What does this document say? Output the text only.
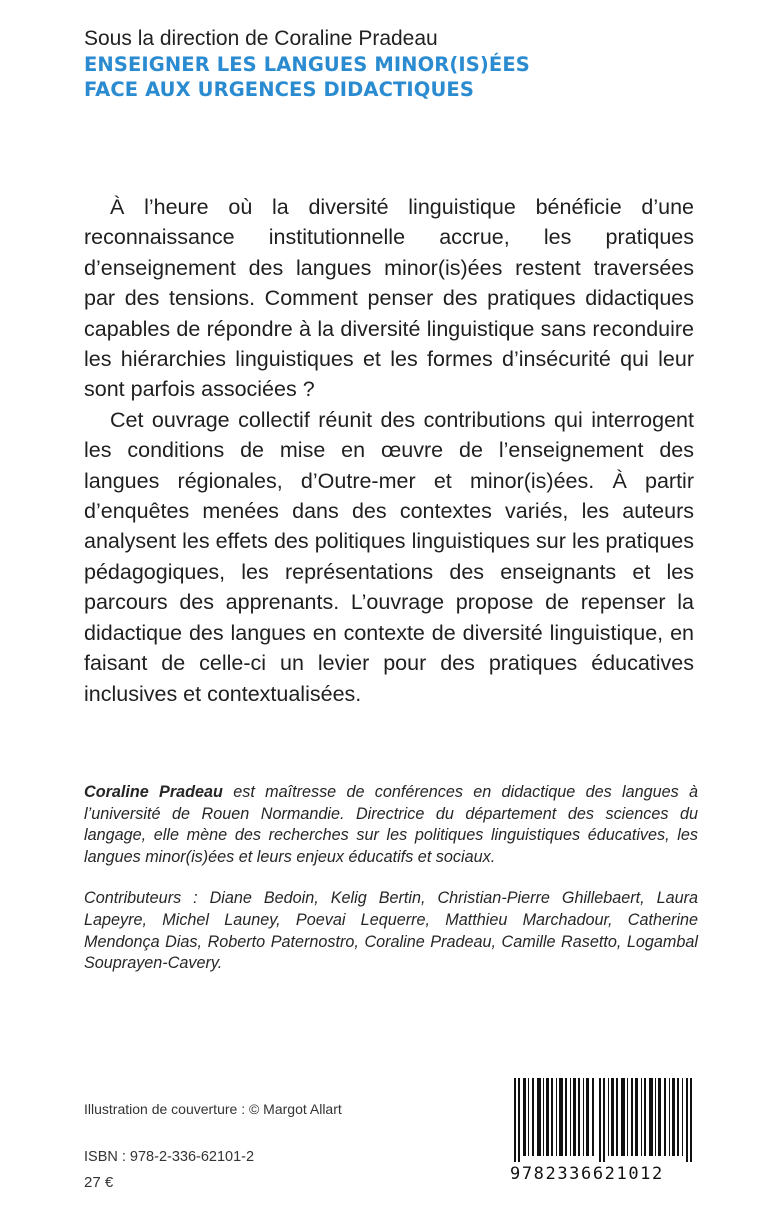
Sous la direction de Coraline Pradeau
ENSEIGNER LES LANGUES MINOR(IS)ÉES
FACE AUX URGENCES DIDACTIQUES

À l’heure où la diversité linguistique bénéficie d’une reconnaissance institutionnelle accrue, les pratiques d’enseignement des langues minor(is)ées restent traversées par des tensions. Comment penser des pratiques didactiques capables de répondre à la diversité linguistique sans reconduire les hiérarchies linguistiques et les formes d’insécurité qui leur sont parfois associées ?

Cet ouvrage collectif réunit des contributions qui interrogent les conditions de mise en œuvre de l’enseignement des langues régionales, d’Outre-mer et minor(is)ées. À partir d’enquêtes menées dans des contextes variés, les auteurs analysent les effets des politiques linguistiques sur les pratiques pédagogiques, les représentations des enseignants et les parcours des apprenants. L’ouvrage propose de repenser la didactique des langues en contexte de diversité linguistique, en faisant de celle-ci un levier pour des pratiques éducatives inclusives et contextualisées.

Coraline Pradeau est maîtresse de conférences en didactique des langues à l’université de Rouen Normandie. Directrice du département des sciences du langage, elle mène des recherches sur les politiques linguistiques éducatives, les langues minor(is)ées et leurs enjeux éducatifs et sociaux.

Contributeurs : Diane Bedoin, Kelig Bertin, Christian-Pierre Ghillebaert, Laura Lapeyre, Michel Launey, Poevai Lequerre, Matthieu Marchadour, Catherine Mendonça Dias, Roberto Paternostro, Coraline Pradeau, Camille Rasetto, Logambal Souprayen-Cavery.

Illustration de couverture : © Margot Allart
ISBN : 978-2-336-62101-2
27 €	9782336621012
